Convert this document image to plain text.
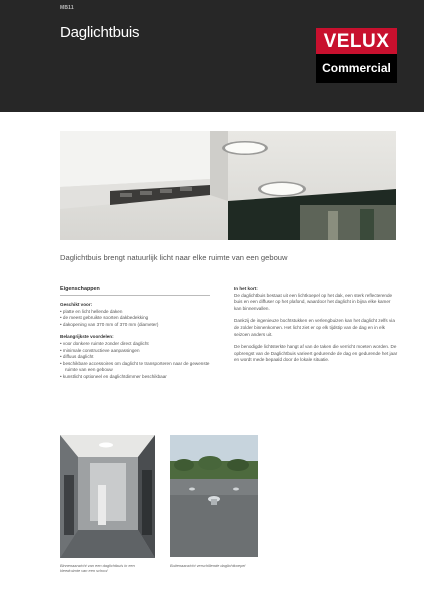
MB11
Daglichtbuis	VELUX
Commercial
Daglichtbuis brengt natuurlijk licht naar elke ruimte van een gebouw
Eigenschappen
Geschikt voor:
• platte en licht hellende daken
• de meest gebruikte soorten dakbedekking
• dakopening van 370 mm of 370 mm (diameter)
Belangrijkste voordelen:
• voor donkere ruimte zonder direct daglicht
• minimale constructieve aanpassingen
• diffuus daglicht
• beschikbare accessoires om daglicht te transporteren naar de gewenste ruimte van een gebouw
• kunstlicht optioneel en daglichtdimmer beschikbaar
In het kort:

De daglichtbuis bestaat uit een lichtkoepel op het dak, een sterk reflecterende buis en een diffuser op het plafond, waardoor het daglicht in bijna elke kamer kan binnenvallen.

Dankzij de ingenieuze bochtstukken en verlengbuizen kan het daglicht zelfs via de zolder binnenkomen. Het licht ziet er op elk tijdstip van de dag en in elk seizoen anders uit.

De benodigde lichtsterkte hangt af van de taken die verricht moeten worden. De opbrengst van de Daglichtbuis varieert gedurende de dag en gedurende het jaar en wordt mede bepaald door de lokale situatie.

Binnenaanzicht van een daglichtbuis in een kleedruimte van een school
Buitenaanzicht verschillende daglichtkoepel
